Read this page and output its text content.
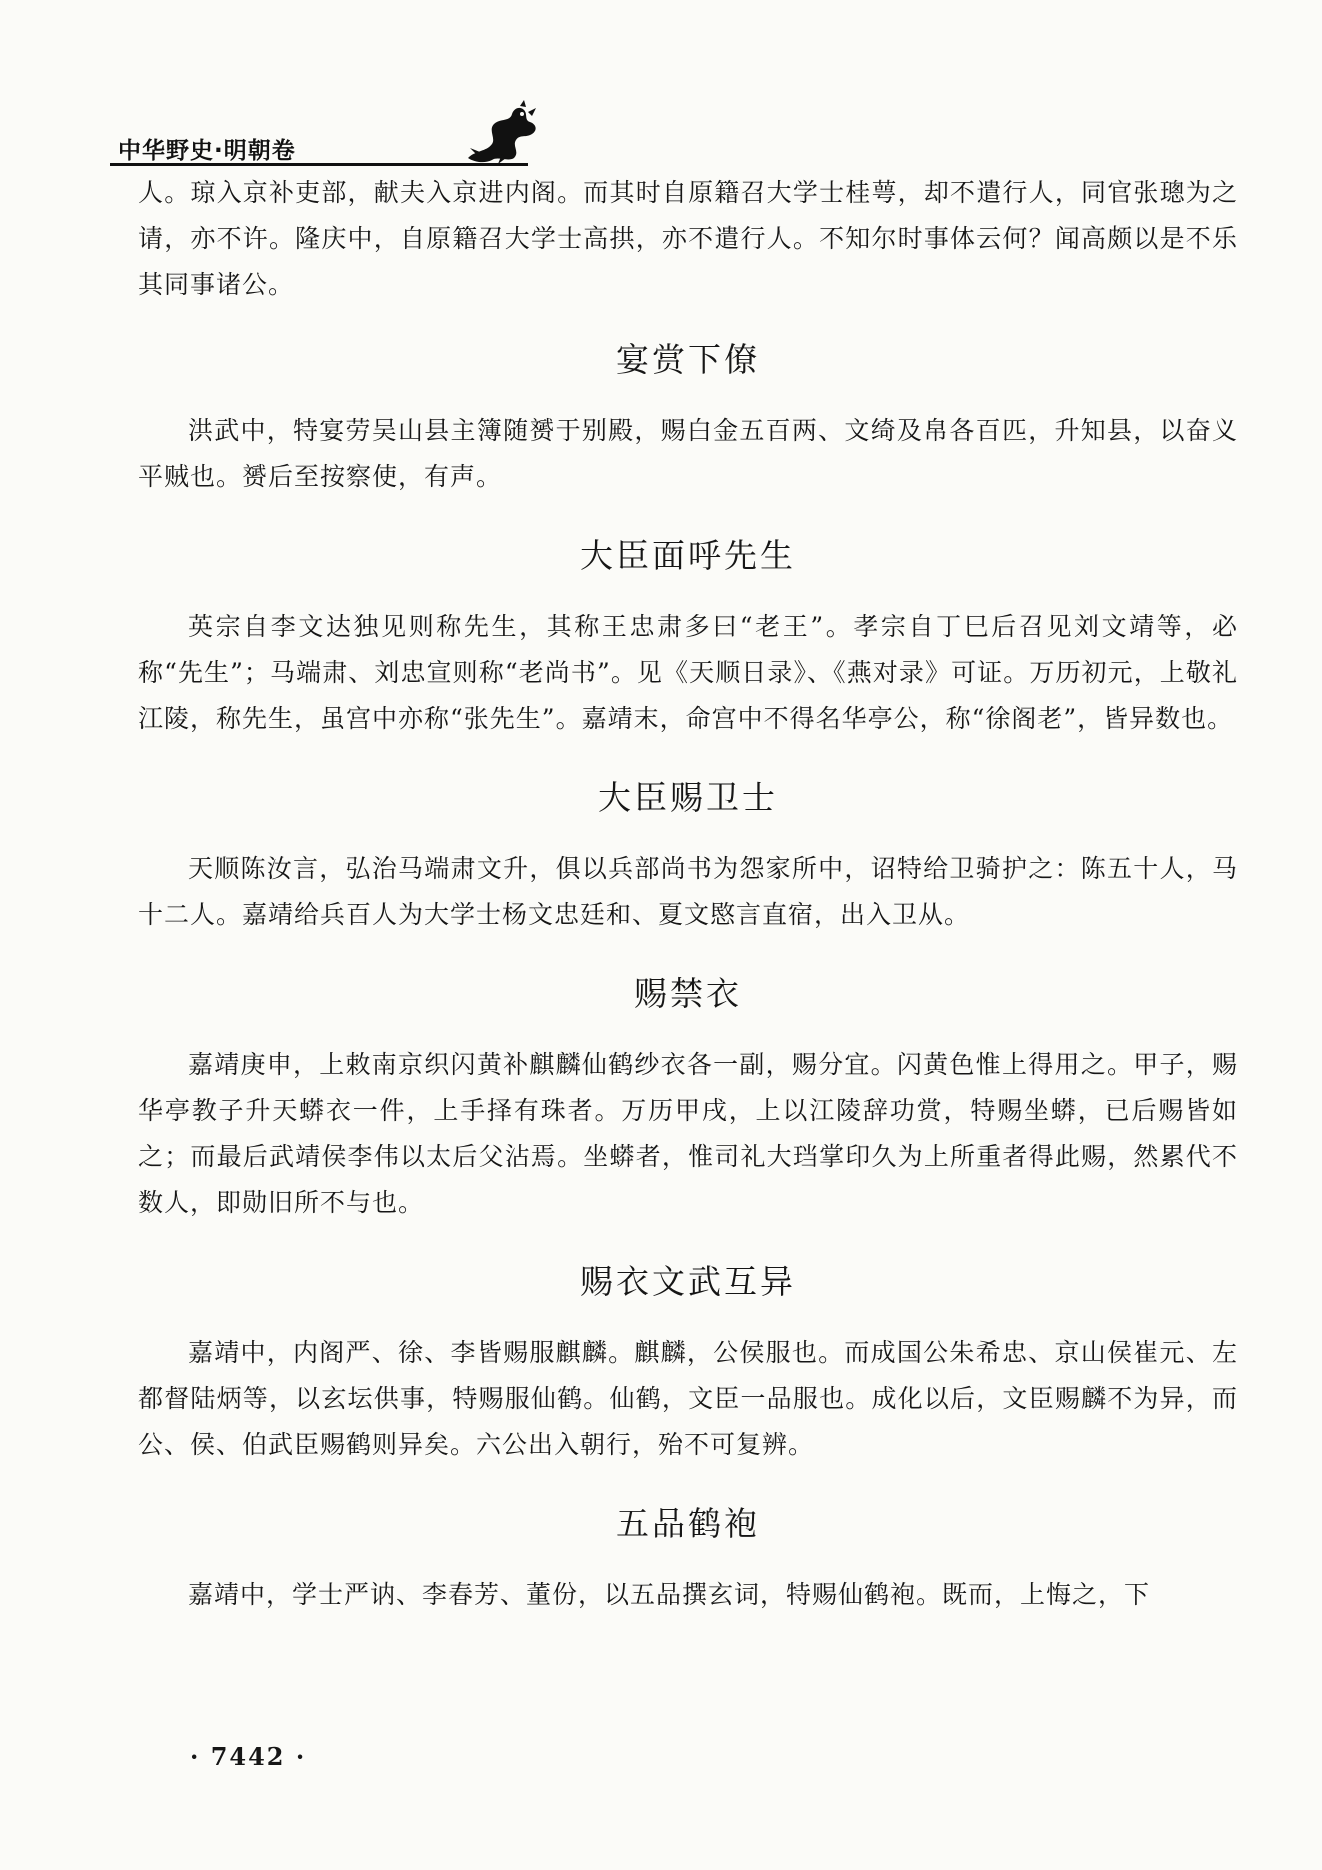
中华野史·明朝卷

人。琼入京补吏部，献夫入京进内阁。而其时自原籍召大学士桂萼，却不遣行人，同官张璁为之请，亦不许。隆庆中，自原籍召大学士高拱，亦不遣行人。不知尔时事体云何？闻高颇以是不乐其同事诸公。

宴赏下僚

洪武中，特宴劳吴山县主簿随赟于别殿，赐白金五百两、文绮及帛各百匹，升知县，以奋义平贼也。赟后至按察使，有声。

大臣面呼先生

英宗自李文达独见则称先生，其称王忠肃多曰“老王”。孝宗自丁巳后召见刘文靖等，必称“先生”；马端肃、刘忠宣则称“老尚书”。见《天顺日录》、《燕对录》可证。万历初元，上敬礼江陵，称先生，虽宫中亦称“张先生”。嘉靖末，命宫中不得名华亭公，称“徐阁老”，皆异数也。

大臣赐卫士

天顺陈汝言，弘治马端肃文升，俱以兵部尚书为怨家所中，诏特给卫骑护之：陈五十人，马十二人。嘉靖给兵百人为大学士杨文忠廷和、夏文愍言直宿，出入卫从。

赐禁衣

嘉靖庚申，上敕南京织闪黄补麒麟仙鹤纱衣各一副，赐分宜。闪黄色惟上得用之。甲子，赐华亭教子升天蟒衣一件，上手择有珠者。万历甲戌，上以江陵辞功赏，特赐坐蟒，已后赐皆如之；而最后武靖侯李伟以太后父沾焉。坐蟒者，惟司礼大珰掌印久为上所重者得此赐，然累代不数人，即勋旧所不与也。

赐衣文武互异

嘉靖中，内阁严、徐、李皆赐服麒麟。麒麟，公侯服也。而成国公朱希忠、京山侯崔元、左都督陆炳等，以玄坛供事，特赐服仙鹤。仙鹤，文臣一品服也。成化以后，文臣赐麟不为异，而公、侯、伯武臣赐鹤则异矣。六公出入朝行，殆不可复辨。

五品鹤袍

嘉靖中，学士严讷、李春芳、董份，以五品撰玄词，特赐仙鹤袍。既而，上悔之，下

· 7442 ·
